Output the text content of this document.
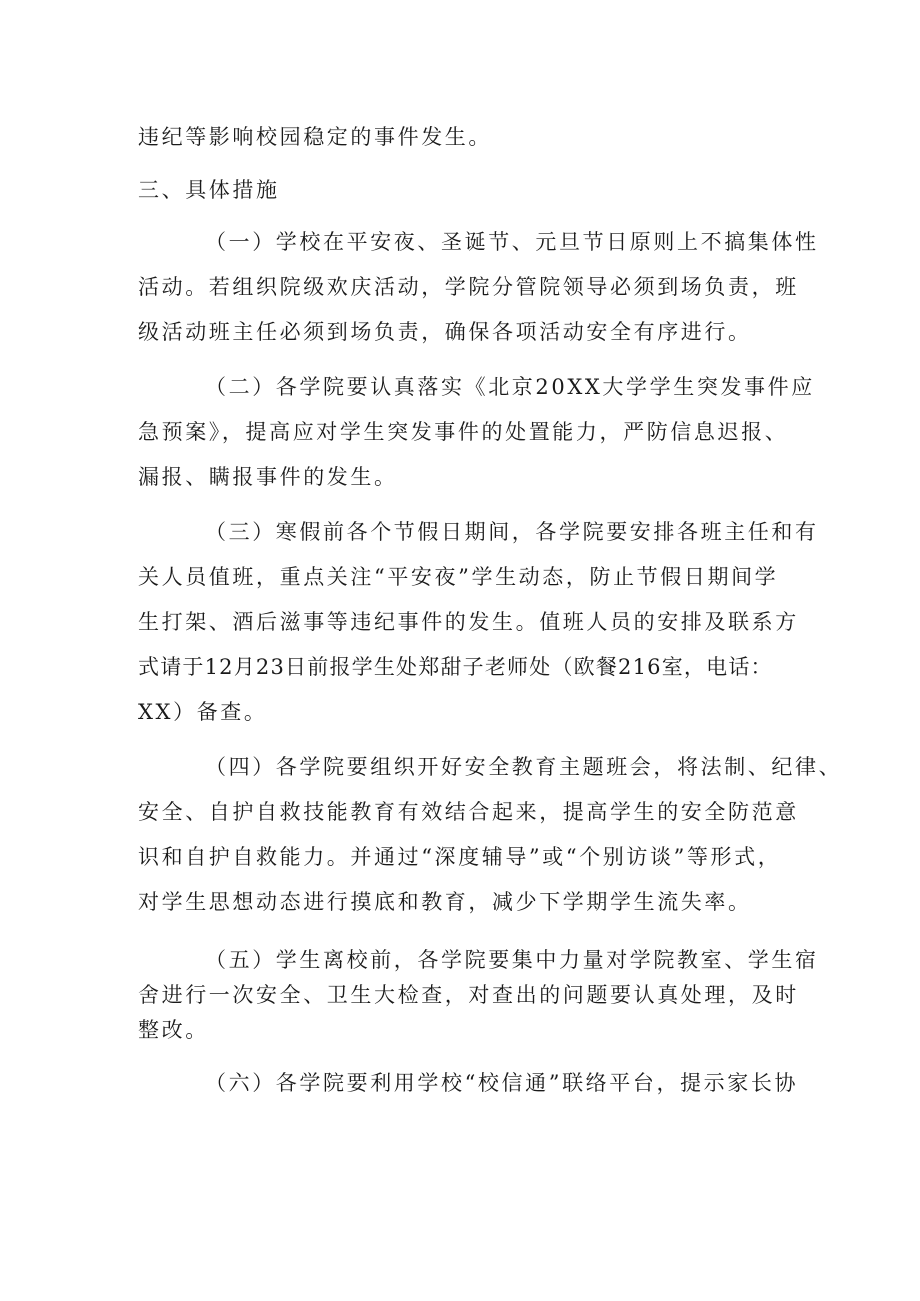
违纪等影响校园稳定的事件发生。
三、具体措施
（一）学校在平安夜、圣诞节、元旦节日原则上不搞集体性
活动。若组织院级欢庆活动，学院分管院领导必须到场负责，班
级活动班主任必须到场负责，确保各项活动安全有序进行。
（二）各学院要认真落实《北京20XX大学学生突发事件应
急预案》，提高应对学生突发事件的处置能力，严防信息迟报、
漏报、瞒报事件的发生。
（三）寒假前各个节假日期间，各学院要安排各班主任和有
关人员值班，重点关注“平安夜”学生动态，防止节假日期间学
生打架、酒后滋事等违纪事件的发生。值班人员的安排及联系方
式请于12月23日前报学生处郑甜子老师处（欧餐216室，电话：
XX）备查。
（四）各学院要组织开好安全教育主题班会，将法制、纪律、
安全、自护自救技能教育有效结合起来，提高学生的安全防范意
识和自护自救能力。并通过“深度辅导”或“个别访谈”等形式，
对学生思想动态进行摸底和教育，减少下学期学生流失率。
（五）学生离校前，各学院要集中力量对学院教室、学生宿
舍进行一次安全、卫生大检查，对查出的问题要认真处理，及时
整改。
（六）各学院要利用学校“校信通”联络平台，提示家长协
